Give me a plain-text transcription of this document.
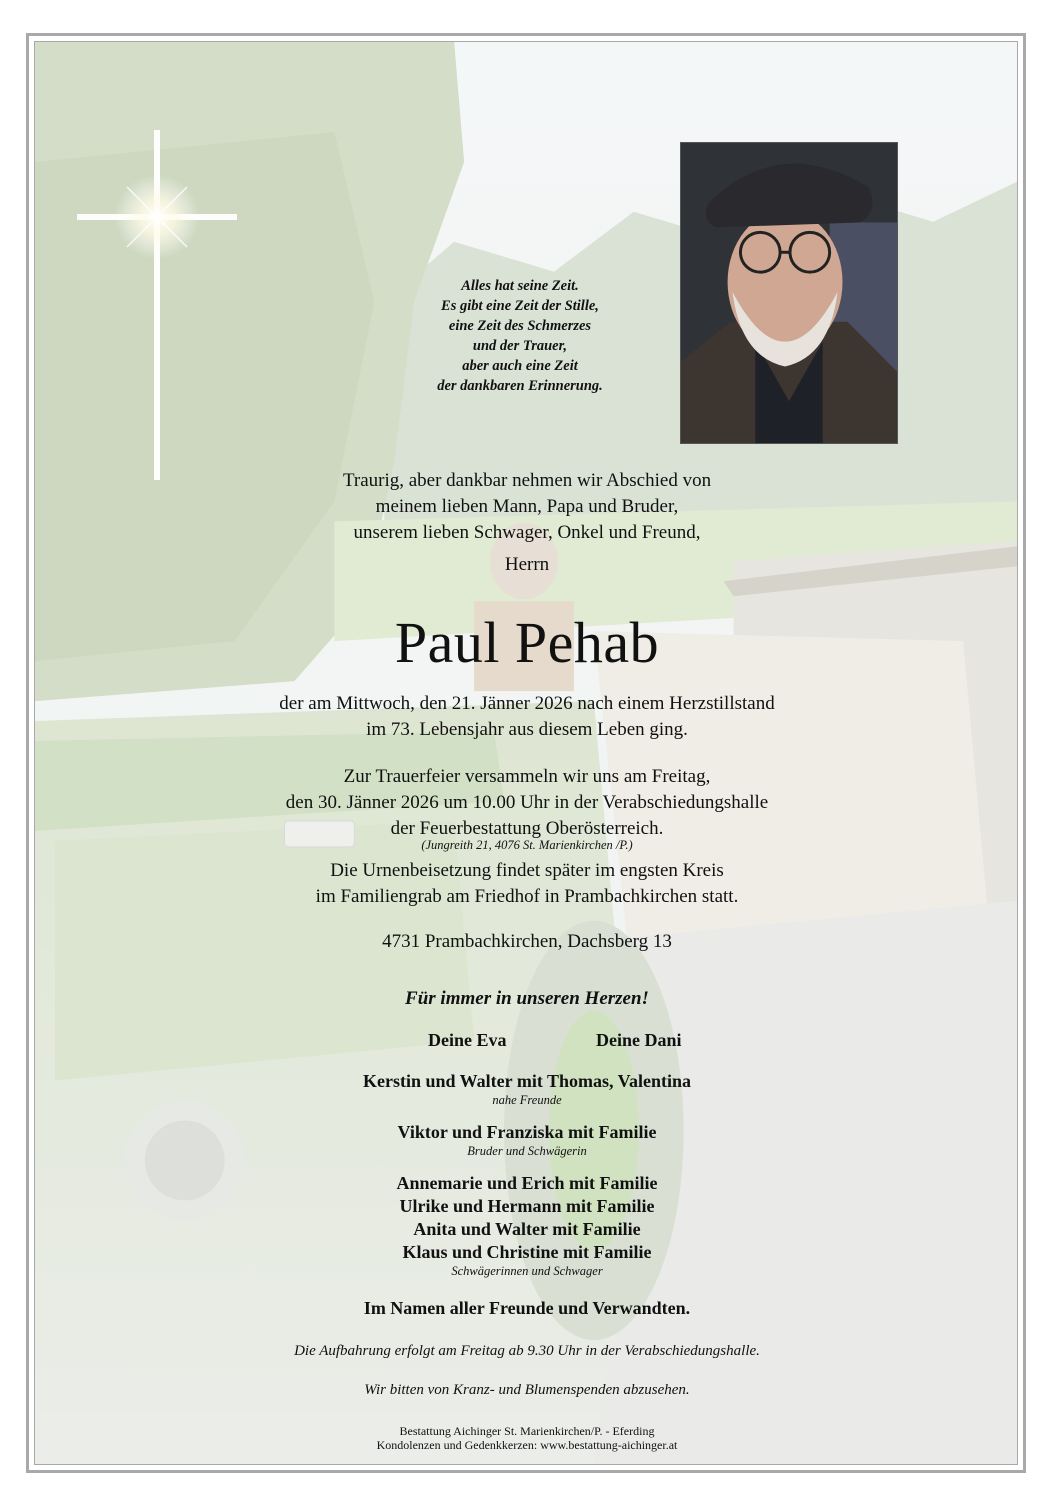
Alles hat seine Zeit.
Es gibt eine Zeit der Stille,
eine Zeit des Schmerzes
und der Trauer,
aber auch eine Zeit
der dankbaren Erinnerung.
Traurig, aber dankbar nehmen wir Abschied von
meinem lieben Mann, Papa und Bruder,
unserem lieben Schwager, Onkel und Freund,
Herrn
Paul Pehab
der am Mittwoch, den 21. Jänner 2026 nach einem Herzstillstand
im 73. Lebensjahr aus diesem Leben ging.
Zur Trauerfeier versammeln wir uns am Freitag,
den 30. Jänner 2026 um 10.00 Uhr in der Verabschiedungshalle
der Feuerbestattung Oberösterreich.
(Jungreith 21, 4076 St. Marienkirchen /P.)
Die Urnenbeisetzung findet später im engsten Kreis
im Familiengrab am Friedhof in Prambachkirchen statt.
4731 Prambachkirchen, Dachsberg 13
Für immer in unseren Herzen!
Deine Eva	Deine Dani
Kerstin und Walter mit Thomas, Valentina
nahe Freunde
Viktor und Franziska mit Familie
Bruder und Schwägerin
Annemarie und Erich mit Familie
Ulrike und Hermann mit Familie
Anita und Walter mit Familie
Klaus und Christine mit Familie
Schwägerinnen und Schwager
Im Namen aller Freunde und Verwandten.
Die Aufbahrung erfolgt am Freitag ab 9.30 Uhr in der Verabschiedungshalle.
Wir bitten von Kranz- und Blumenspenden abzusehen.
Bestattung Aichinger St. Marienkirchen/P. - Eferding
Kondolenzen und Gedenkkerzen: www.bestattung-aichinger.at
